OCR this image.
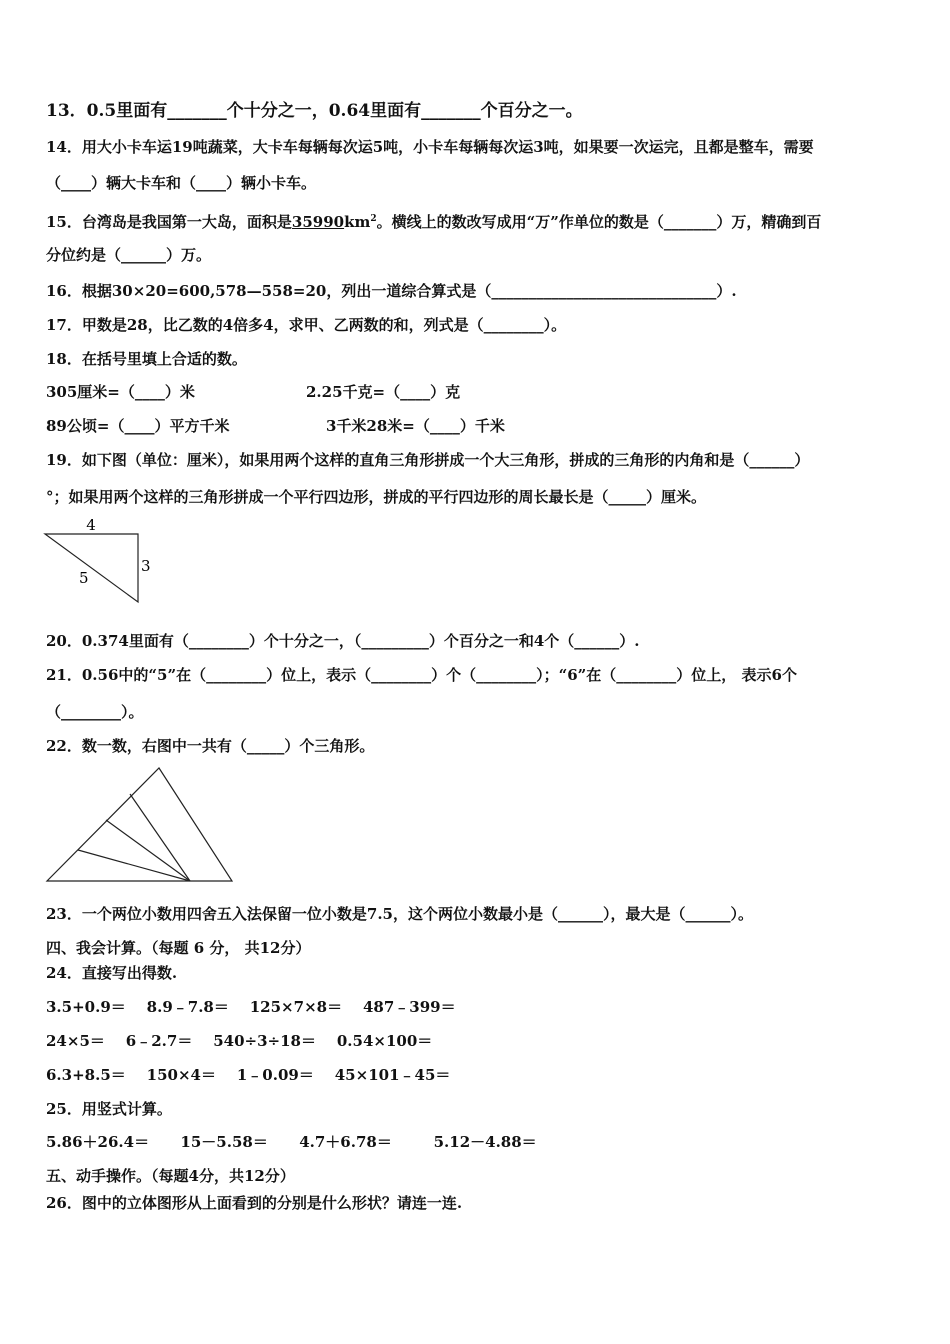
13．0.5里面有_______个十分之一，0.64里面有_______个百分之一。
14．用大小卡车运19吨蔬菜，大卡车每辆每次运5吨，小卡车每辆每次运3吨，如果要一次运完，且都是整车，需要
（____）辆大卡车和（____）辆小卡车。
15．台湾岛是我国第一大岛，面积是$35990km^2$。横线上的数改写成用“万”作单位的数是（_______）万，精确到百
分位约是（______）万。
16．根据30×20=600,578—558=20，列出一道综合算式是（______________________________）.
17．甲数是28，比乙数的4倍多4，求甲、乙两数的和，列式是（________）。
18．在括号里填上合适的数。
305厘米=（____）米	2.25千克=（____）克
89公顷=（____）平方千米	3千米28米=（____）千米
19．如下图（单位：厘米），如果用两个这样的直角三角形拼成一个大三角形，拼成的三角形的内角和是（______）
°；如果用两个这样的三角形拼成一个平行四边形，拼成的平行四边形的周长最长是（_____）厘米。
4
3
5
20．0.374里面有（________）个十分之一，（_________）个百分之一和4个（______）.
21．0.56中的“5”在（________）位上，表示（________）个（________）；“6”在（________）位上， 表示6个
（________）。
22．数一数，右图中一共有（_____）个三角形。
23．一个两位小数用四舍五入法保留一位小数是7.5，这个两位小数最小是（______），最大是（______）。
四、我会计算。（每题 6 分， 共12分）
24．直接写出得数.
3.5+0.9＝ 8.9﹣7.8＝ 125×7×8＝ 487﹣399＝
24×5＝ 6﹣2.7＝ 540÷3÷18＝ 0.54×100＝
6.3+8.5＝ 150×4＝ 1﹣0.09＝ 45×101﹣45＝
25．用竖式计算。
5.86＋26.4＝ 15－5.58＝ 4.7＋6.78＝	5.12－4.88＝
五、动手操作。（每题4分，共12分）
26．图中的立体图形从上面看到的分别是什么形状？请连一连.
